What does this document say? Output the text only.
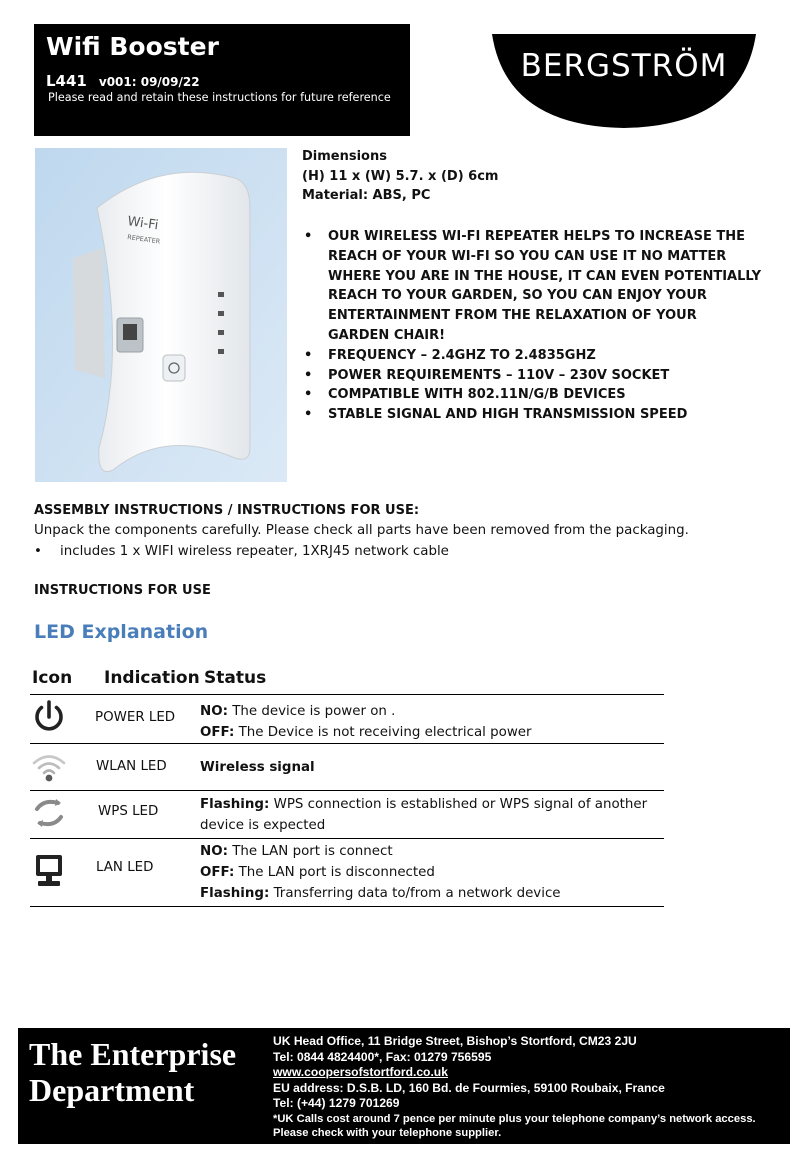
Wifi Booster
L441 v001: 09/09/22
Please read and retain these instructions for future reference
BERGSTRÖM
Wi-Fi
REPEATER
Dimensions
(H) 11 x (W) 5.7. x (D) 6cm
Material: ABS, PC
• OUR WIRELESS WI-FI REPEATER HELPS TO INCREASE THE REACH OF YOUR WI-FI SO YOU CAN USE IT NO MATTER WHERE YOU ARE IN THE HOUSE, IT CAN EVEN POTENTIALLY REACH TO YOUR GARDEN, SO YOU CAN ENJOY YOUR ENTERTAINMENT FROM THE RELAXATION OF YOUR GARDEN CHAIR!
• FREQUENCY – 2.4GHZ TO 2.4835GHZ
• POWER REQUIREMENTS – 110V – 230V SOCKET
• COMPATIBLE WITH 802.11N/G/B DEVICES
• STABLE SIGNAL AND HIGH TRANSMISSION SPEED
ASSEMBLY INSTRUCTIONS / INSTRUCTIONS FOR USE:
Unpack the components carefully. Please check all parts have been removed from the packaging.
• includes 1 x WIFI wireless repeater, 1XRJ45 network cable
INSTRUCTIONS FOR USE
LED Explanation
Icon Indication Status
POWER LED NO: The device is power on .
OFF: The Device is not receiving electrical power
WLAN LED Wireless signal
WPS LED	Flashing: WPS connection is established or WPS signal of another
device is expected
LAN LED
NO: The LAN port is connect
OFF: The LAN port is disconnected
Flashing: Transferring data to/from a network device
The Enterprise Department
UK Head Office, 11 Bridge Street, Bishop’s Stortford, CM23 2JU
Tel: 0844 4824400*, Fax: 01279 756595
www.coopersofstortford.co.uk
EU address: D.S.B. LD, 160 Bd. de Fourmies, 59100 Roubaix, France
Tel: (+44) 1279 701269
*UK Calls cost around 7 pence per minute plus your telephone company’s network access.
Please check with your telephone supplier.
